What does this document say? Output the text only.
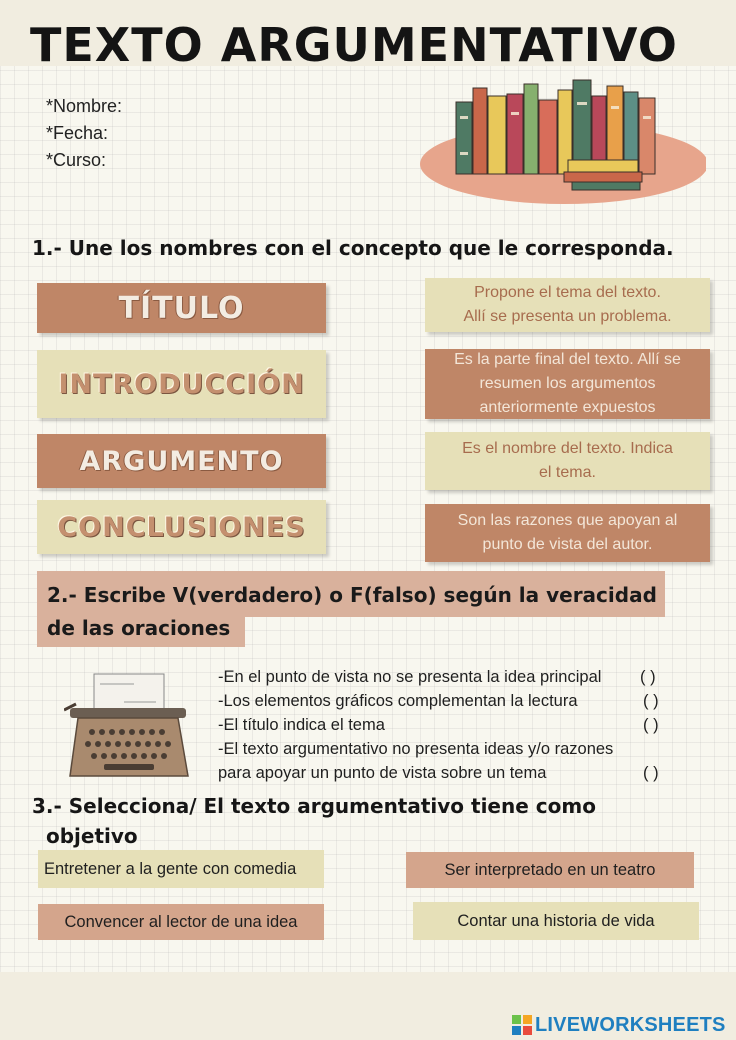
TEXTO ARGUMENTATIVO
*Nombre:
*Fecha:
*Curso:
1.- Une los nombres con el concepto que le corresponda.
TÍTULO
INTRODUCCIÓN
ARGUMENTO
CONCLUSIONES
Propone el tema del texto.
Allí se presenta un problema.
Es la parte final del texto. Allí se
resumen los argumentos
anteriormente expuestos
Es el nombre del texto. Indica
el tema.
Son las razones que apoyan al
punto de vista del autor.
2.- Escribe V(verdadero) o F(falso) según la veracidad
de las oraciones
-En el punto de vista no se presenta la idea principal
-Los elementos gráficos complementan la lectura
-El título indica el tema
-El texto argumentativo no presenta ideas y/o razones
para apoyar un punto de vista sobre un tema
( )
( )
( )
( )
3.- Selecciona/ El texto argumentativo tiene como
objetivo
Entretener a la gente con comedia	Ser interpretado en un teatro
Convencer al lector de una idea	Contar una historia de vida
LIVEWORKSHEETS
